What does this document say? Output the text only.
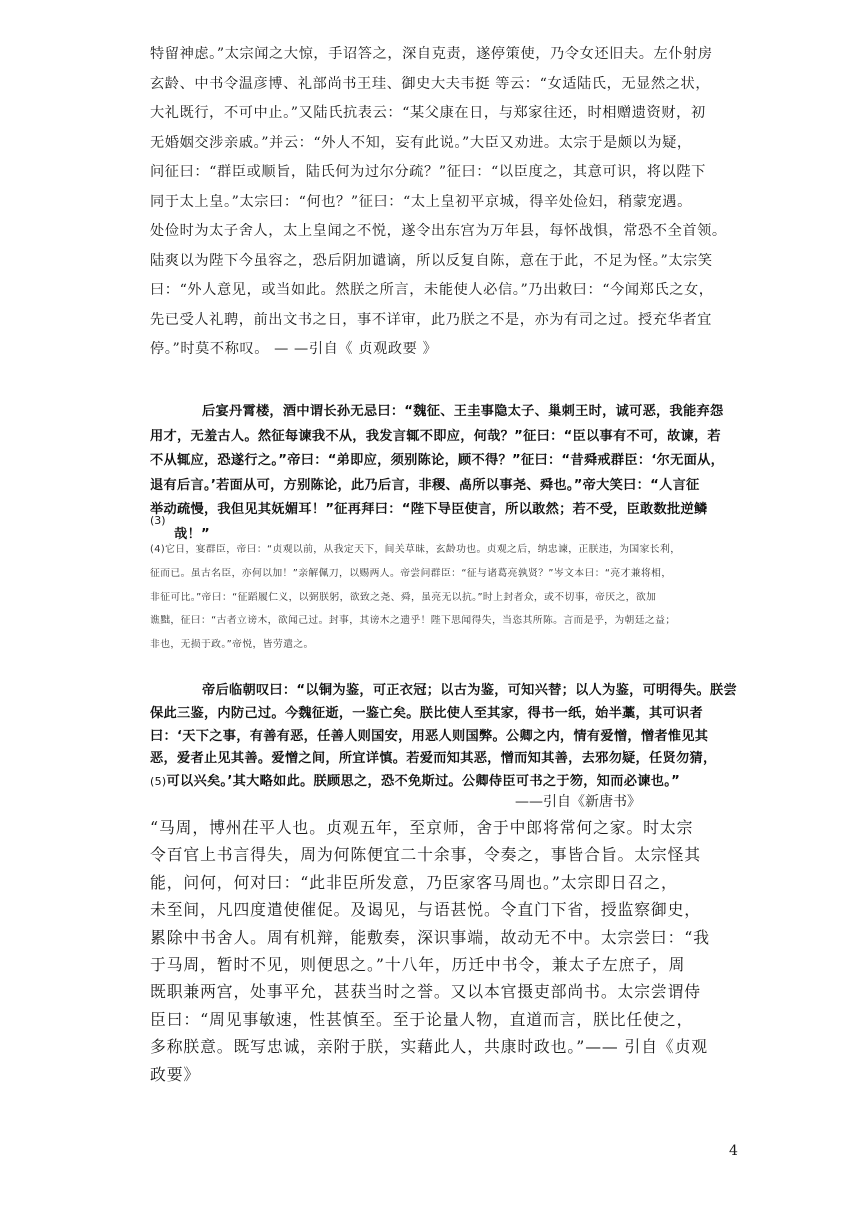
特留神虑。”太宗闻之大惊，手诏答之，深自克责，遂停策使，乃令女还旧夫。左仆射房
玄龄、中书令温彦博、礼部尚书王珪、御史大夫韦挺 等云：“女适陆氏，无显然之状，
大礼既行，不可中止。”又陆氏抗表云：“某父康在日，与郑家往还，时相赠遗资财，初
无婚姻交涉亲戚。”并云：“外人不知，妄有此说。”大臣又劝进。太宗于是颇以为疑，
问征曰：“群臣或顺旨，陆氏何为过尔分疏？”征曰：“以臣度之，其意可识，将以陛下
同于太上皇。”太宗曰：“何也？”征曰：“太上皇初平京城，得辛处俭妇，稍蒙宠遇。
处俭时为太子舍人，太上皇闻之不悦，遂令出东宫为万年县，每怀战惧，常恐不全首领。
陆爽以为陛下今虽容之，恐后阴加谴谪，所以反复自陈，意在于此，不足为怪。”太宗笑
曰：“外人意见，或当如此。然朕之所言，未能使人必信。”乃出敕曰：“今闻郑氏之女，
先已受人礼聘，前出文书之日，事不详审，此乃朕之不是，亦为有司之过。授充华者宜
停。”时莫不称叹。 — —引自《 贞观政要 》
后宴丹霄楼，酒中谓长孙无忌曰：“魏征、王圭事隐太子、巢刺王时，诚可恶，我能弃怨
用才，无羞古人。然征每谏我不从，我发言辄不即应，何哉？”征曰：“臣以事有不可，故谏，若
不从辄应，恐遂行之。”帝曰：“弟即应，须别陈论，顾不得？”征曰：“昔舜戒群臣：‘尔无面从，
退有后言。’若面从可，方别陈论，此乃后言，非稷、卨所以事尧、舜也。”帝大笑曰：“人言征
举动疏慢，我但见其妩媚耳！”征再拜曰：“陛下导臣使言，所以敢然；若不受，臣敢数批逆鳞
哉！”
(3)
(4)它日，宴群臣，帝曰：“贞观以前，从我定天下，间关草昧，玄龄功也。贞观之后，纳忠谏，正朕违，为国家长利，
征而已。虽古名臣，亦何以加！”亲解佩刀，以赐两人。帝尝问群臣：“征与诸葛亮孰贤？”岑文本曰：“亮才兼将相，
非征可比。”帝曰：“征蹈履仁义，以弼朕躬，欲致之尧、舜，虽亮无以抗。”时上封者众，或不切事，帝厌之，欲加
谯黜，征曰：“古者立谤木，欲闻己过。封事，其谤木之遗乎！陛下思闻得失，当恣其所陈。言而是乎，为朝廷之益；
非也，无损于政。”帝悦，皆劳遣之。
帝后临朝叹曰：“以铜为鉴，可正衣冠；以古为鉴，可知兴替；以人为鉴，可明得失。朕尝
保此三鉴，内防己过。今魏征逝，一鉴亡矣。朕比使人至其家，得书一纸，始半藁，其可识者
曰：‘天下之事，有善有恶，任善人则国安，用恶人则国弊。公卿之内，情有爱憎，憎者惟见其
恶，爱者止见其善。爱憎之间，所宜详慎。若爱而知其恶，憎而知其善，去邪勿疑，任贤勿猜，
(5)可以兴矣。’其大略如此。朕顾思之，恐不免斯过。公卿侍臣可书之于笏，知而必谏也。”
——引自《新唐书》
“马周，博州茌平人也。贞观五年，至京师，舍于中郎将常何之家。时太宗
令百官上书言得失，周为何陈便宜二十余事，令奏之，事皆合旨。太宗怪其
能，问何，何对曰：“此非臣所发意，乃臣家客马周也。”太宗即日召之，
未至间，凡四度遣使催促。及谒见，与语甚悦。令直门下省，授监察御史，
累除中书舍人。周有机辩，能敷奏，深识事端，故动无不中。太宗尝曰：“我
于马周，暂时不见，则便思之。”十八年，历迁中书令，兼太子左庶子，周
既职兼两宫，处事平允，甚获当时之誉。又以本官摄吏部尚书。太宗尝谓侍
臣曰：“周见事敏速，性甚慎至。至于论量人物，直道而言，朕比任使之，
多称朕意。既写忠诚，亲附于朕，实藉此人，共康时政也。”—— 引自《贞观
政要》
4
